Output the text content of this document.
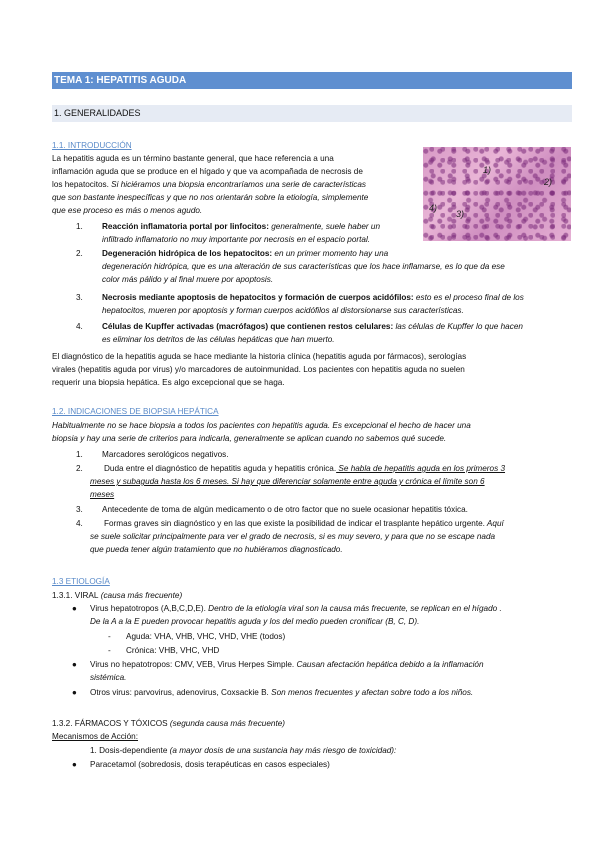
TEMA 1: HEPATITIS AGUDA
1. GENERALIDADES
1.1. INTRODUCCIÓN
1)
2)
4)
3)
La hepatitis aguda es un término bastante general, que hace referencia a una
inflamación aguda que se produce en el hígado y que va acompañada de necrosis de
los hepatocitos. Si hiciéramos una biopsia encontraríamos una serie de características
que son bastante inespecíficas y que no nos orientarán sobre la etiología, simplemente
que ese proceso es más o menos agudo.
1. Reacción inflamatoria portal por linfocitos: generalmente, suele haber un
infiltrado inflamatorio no muy importante por necrosis en el espacio portal.
2. Degeneración hidrópica de los hepatocitos: en un primer momento hay una
degeneración hidrópica, que es una alteración de sus características que los hace inflamarse, es lo que da ese
color más pálido y al final muere por apoptosis.
3. Necrosis mediante apoptosis de hepatocitos y formación de cuerpos acidófilos: esto es el proceso final de los
hepatocitos, mueren por apoptosis y forman cuerpos acidófilos al distorsionarse sus características.
4. Células de Kupffer activadas (macrófagos) que contienen restos celulares: las células de Kupffer lo que hacen
es eliminar los detritos de las células hepáticas que han muerto.
El diagnóstico de la hepatitis aguda se hace mediante la historia clínica (hepatitis aguda por fármacos), serologías
virales (hepatitis aguda por virus) y/o marcadores de autoinmunidad. Los pacientes con hepatitis aguda no suelen
requerir una biopsia hepática. Es algo excepcional que se haga.
1.2. INDICACIONES DE BIOPSIA HEPÁTICA
Habitualmente no se hace biopsia a todos los pacientes con hepatitis aguda. Es excepcional el hecho de hacer una
biopsia y hay una serie de criterios para indicarla, generalmente se aplican cuando no sabemos qué sucede.
1. Marcadores serológicos negativos.
2.	Duda entre el diagnóstico de hepatitis aguda y hepatitis crónica. Se habla de hepatitis aguda en los primeros 3
meses y subaguda hasta los 6 meses. Si hay que diferenciar solamente entre aguda y crónica el límite son 6
meses
3. Antecedente de toma de algún medicamento o de otro factor que no suele ocasionar hepatitis tóxica.
4.	Formas graves sin diagnóstico y en las que existe la posibilidad de indicar el trasplante hepático urgente. Aquí
se suele solicitar principalmente para ver el grado de necrosis, si es muy severo, y para que no se escape nada
que pueda tener algún tratamiento que no hubiéramos diagnosticado.
1.3 ETIOLOGÍA
1.3.1. VIRAL (causa más frecuente)
● Virus hepatotropos (A,B,C,D,E). Dentro de la etiología viral son la causa más frecuente, se replican en el hígado .
De la A a la E pueden provocar hepatitis aguda y los del medio pueden cronificar (B, C, D).
- Aguda: VHA, VHB, VHC, VHD, VHE (todos)
- Crónica: VHB, VHC, VHD
● Virus no hepatotropos: CMV, VEB, Virus Herpes Simple. Causan afectación hepática debido a la inflamación
sistémica.
● Otros virus: parvovirus, adenovirus, Coxsackie B. Son menos frecuentes y afectan sobre todo a los niños.
1.3.2. FÁRMACOS Y TÓXICOS (segunda causa más frecuente)
Mecanismos de Acción:
1. Dosis-dependiente (a mayor dosis de una sustancia hay más riesgo de toxicidad):
● Paracetamol (sobredosis, dosis terapéuticas en casos especiales)
